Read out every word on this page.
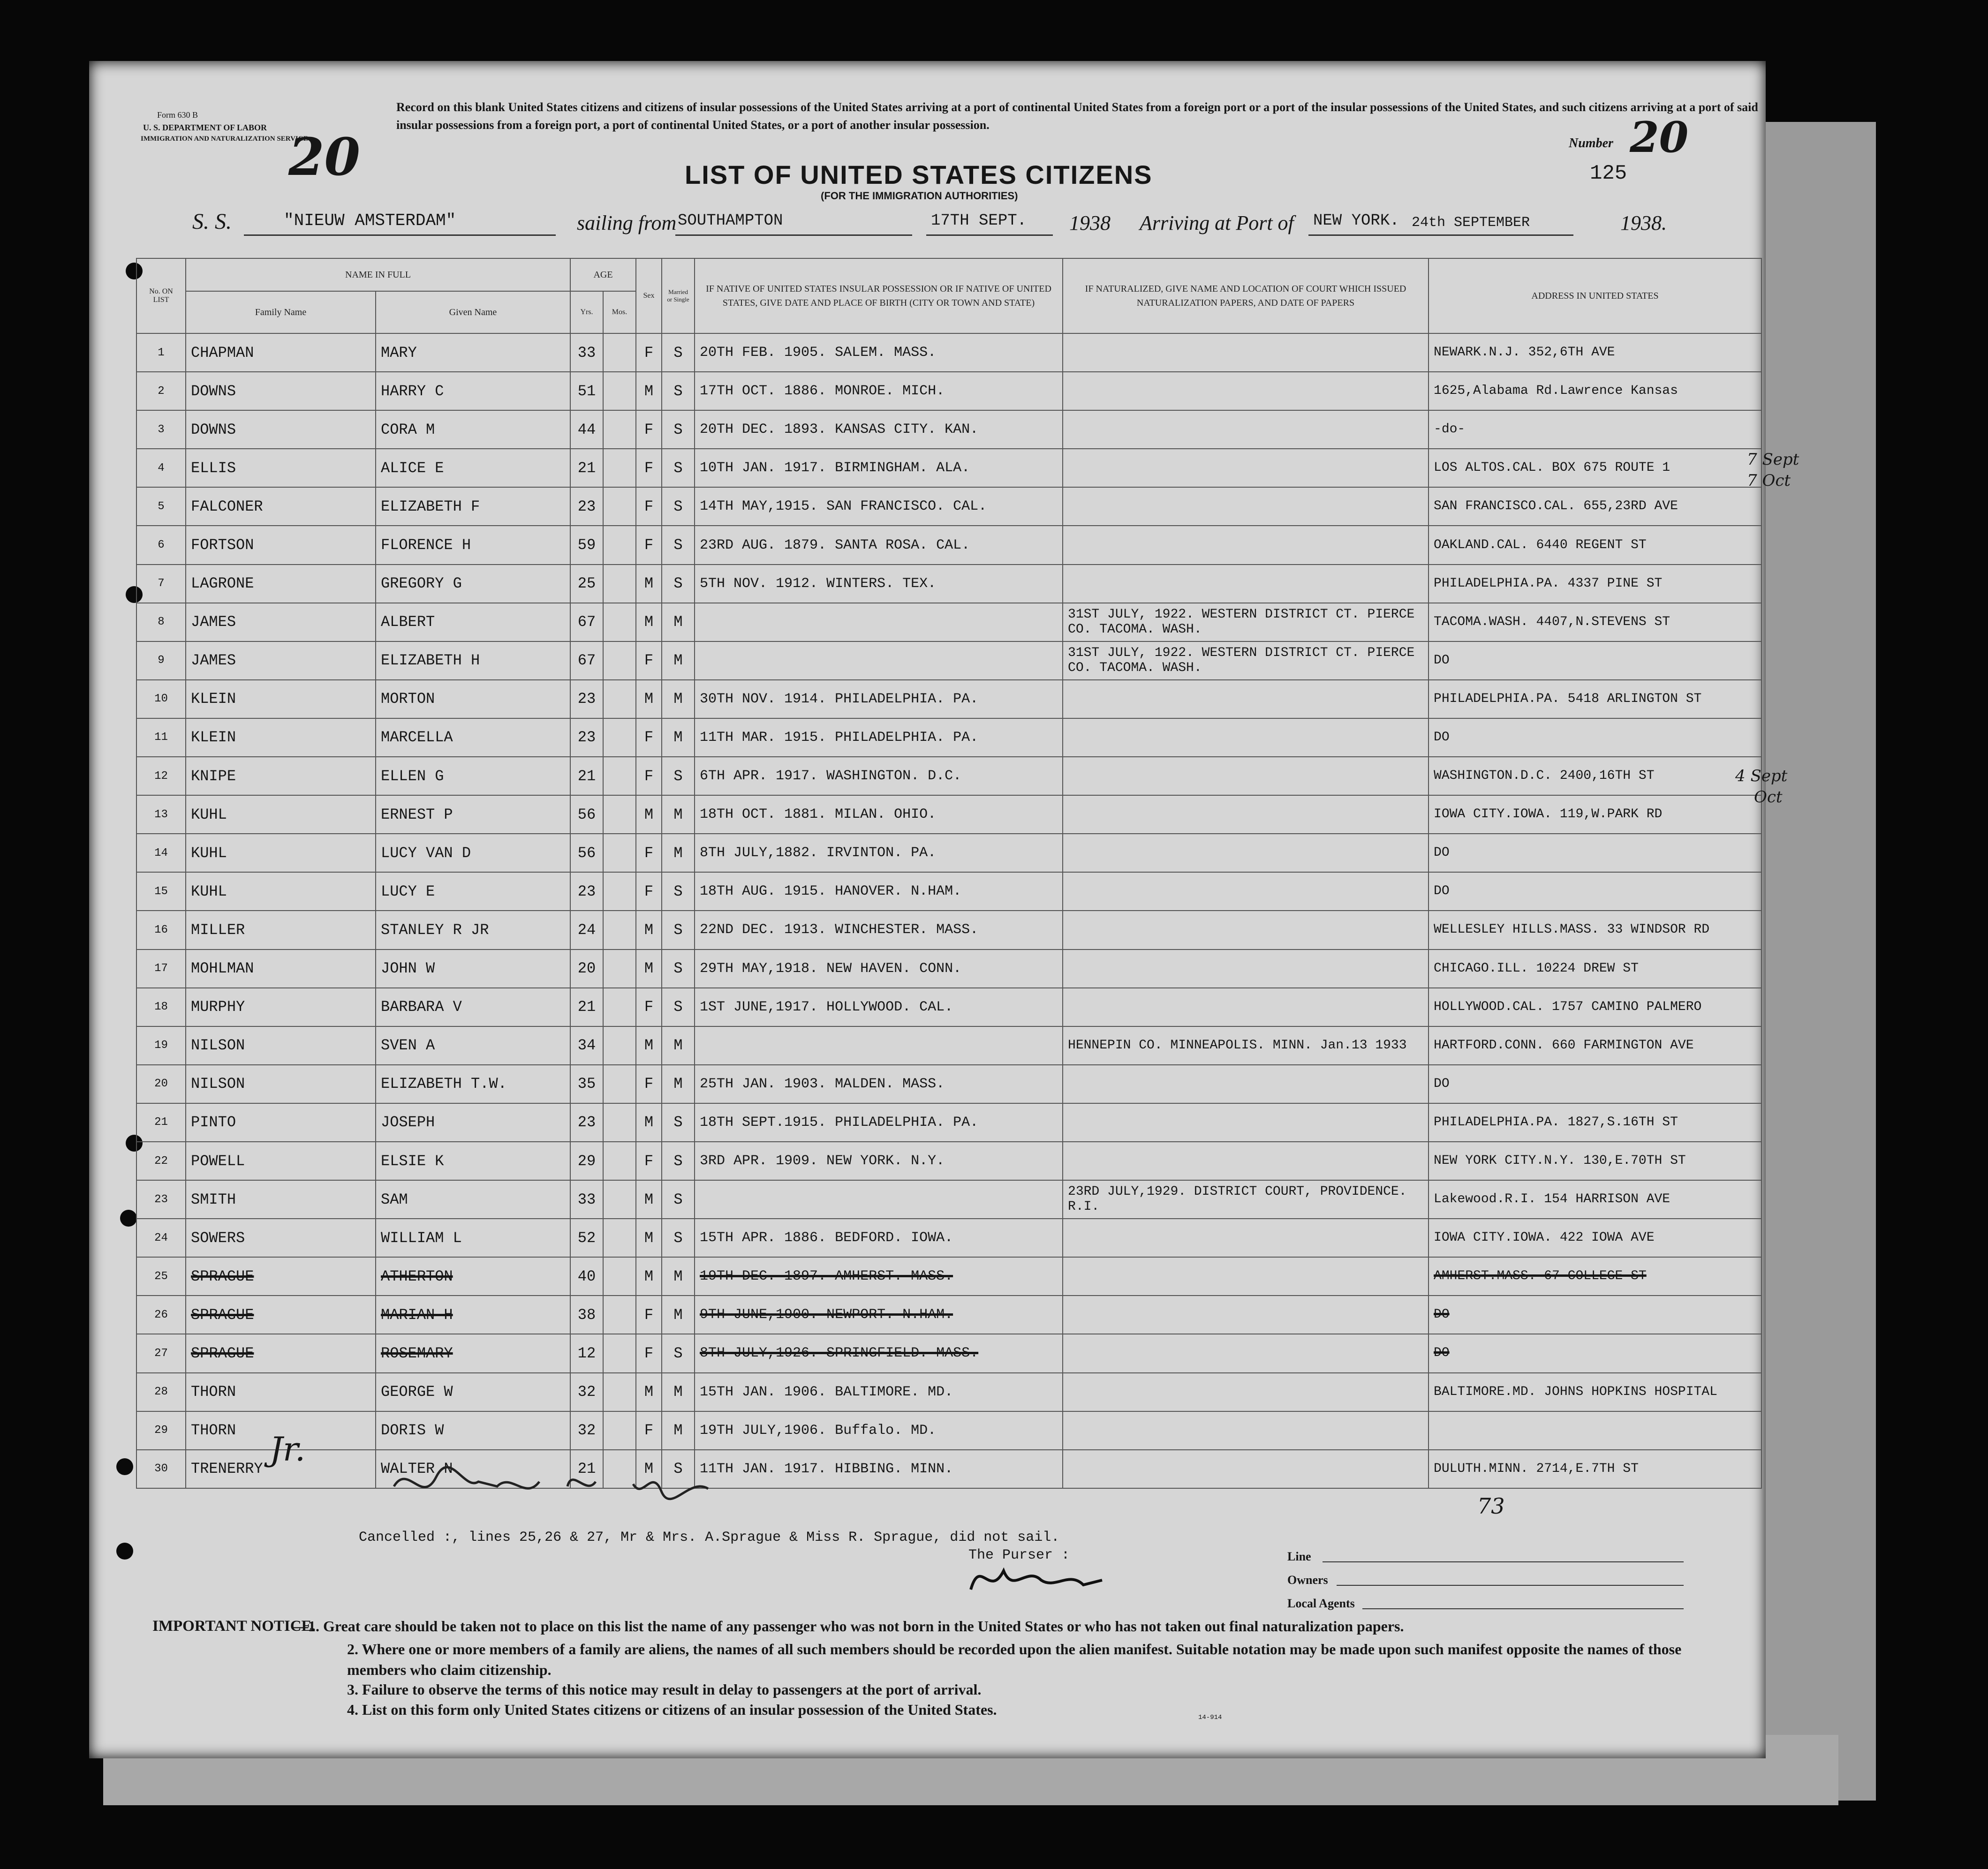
Form 630 B
U. S. DEPARTMENT OF LABOR
IMMIGRATION AND NATURALIZATION SERVICE
20
Record on this blank United States citizens and citizens of insular possessions of the United States arriving at a port of continental United States from a foreign port or a port of the insular possessions of the United States, and such citizens arriving at a port of said insular possessions from a foreign port, a port of continental United States, or a port of another insular possession.
Number 20
125
LIST OF UNITED STATES CITIZENS
(FOR THE IMMIGRATION AUTHORITIES)
S. S.	"NIEUW AMSTERDAM"	sailing from SOUTHAMPTON	17TH SEPT. 1938 Arriving at Port of NEW YORK. 24th SEPTEMBER	1938.
No. ON LIST	NAME IN FULL		AGE		Sex	Married or Single	IF NATIVE OF UNITED STATES INSULAR POSSESSION OR IF NATIVE OF UNITED STATES, GIVE DATE AND PLACE OF BIRTH (CITY OR TOWN AND STATE)	IF NATURALIZED, GIVE NAME AND LOCATION OF COURT WHICH ISSUED NATURALIZATION PAPERS, AND DATE OF PAPERS	ADDRESS IN UNITED STATES
	Family Name	Given Name	Yrs.	Mos.					
1	CHAPMAN	MARY	33		F	S	20TH FEB. 1905. SALEM. MASS.		NEWARK.N.J. 352,6TH AVE
2	DOWNS	HARRY C	51		M	S	17TH OCT. 1886. MONROE. MICH.		1625,Alabama Rd.Lawrence Kansas
3	DOWNS	CORA M	44		F	S	20TH DEC. 1893. KANSAS CITY. KAN.		-do-
4	ELLIS	ALICE E	21		F	S	10TH JAN. 1917. BIRMINGHAM. ALA.		LOS ALTOS.CAL. BOX 675 ROUTE 1
5	FALCONER	ELIZABETH F	23		F	S	14TH MAY,1915. SAN FRANCISCO. CAL.		SAN FRANCISCO.CAL. 655,23RD AVE
6	FORTSON	FLORENCE H	59		F	S	23RD AUG. 1879. SANTA ROSA. CAL.		OAKLAND.CAL. 6440 REGENT ST
7	LAGRONE	GREGORY G	25		M	S	5TH NOV. 1912. WINTERS. TEX.		PHILADELPHIA.PA. 4337 PINE ST
8	JAMES	ALBERT	67		M	M		31ST JULY, 1922. WESTERN DISTRICT CT. PIERCE CO. TACOMA. WASH.	TACOMA.WASH. 4407,N.STEVENS ST
9	JAMES	ELIZABETH H	67		F	M		31ST JULY, 1922. WESTERN DISTRICT CT. PIERCE CO. TACOMA. WASH.	DO
10	KLEIN	MORTON	23		M	M	30TH NOV. 1914. PHILADELPHIA. PA.		PHILADELPHIA.PA. 5418 ARLINGTON ST
11	KLEIN	MARCELLA	23		F	M	11TH MAR. 1915. PHILADELPHIA. PA.		DO
12	KNIPE	ELLEN G	21		F	S	6TH APR. 1917. WASHINGTON. D.C.		WASHINGTON.D.C. 2400,16TH ST
13	KUHL	ERNEST P	56		M	M	18TH OCT. 1881. MILAN. OHIO.		IOWA CITY.IOWA. 119,W.PARK RD
14	KUHL	LUCY VAN D	56		F	M	8TH JULY,1882. IRVINTON. PA.		DO
15	KUHL	LUCY E	23		F	S	18TH AUG. 1915. HANOVER. N.HAM.		DO
16	MILLER	STANLEY R JR	24		M	S	22ND DEC. 1913. WINCHESTER. MASS.		WELLESLEY HILLS.MASS. 33 WINDSOR RD
17	MOHLMAN	JOHN W	20		M	S	29TH MAY,1918. NEW HAVEN. CONN.		CHICAGO.ILL. 10224 DREW ST
18	MURPHY	BARBARA V	21		F	S	1ST JUNE,1917. HOLLYWOOD. CAL.		HOLLYWOOD.CAL. 1757 CAMINO PALMERO
19	NILSON	SVEN A	34		M	M		HENNEPIN CO. MINNEAPOLIS. MINN. Jan.13 1933	HARTFORD.CONN. 660 FARMINGTON AVE
20	NILSON	ELIZABETH T.W.	35		F	M	25TH JAN. 1903. MALDEN. MASS.		DO
21	PINTO	JOSEPH	23		M	S	18TH SEPT.1915. PHILADELPHIA. PA.		PHILADELPHIA.PA. 1827,S.16TH ST
22	POWELL	ELSIE K	29		F	S	3RD APR. 1909. NEW YORK. N.Y.		NEW YORK CITY.N.Y. 130,E.70TH ST
23	SMITH	SAM	33		M	S		23RD JULY,1929. DISTRICT COURT, PROVIDENCE. R.I.	Lakewood.R.I. 154 HARRISON AVE
24	SOWERS	WILLIAM L	52		M	S	15TH APR. 1886. BEDFORD. IOWA.		IOWA CITY.IOWA. 422 IOWA AVE
25	SPRAGUE	ATHERTON	40		M	M	19TH DEC. 1897. AMHERST. MASS.		AMHERST.MASS. 67 COLLEGE ST
26	SPRAGUE	MARIAN H	38		F	M	9TH JUNE,1900. NEWPORT. N.HAM.		DO
27	SPRAGUE	ROSEMARY	12		F	S	8TH JULY,1926. SPRINGFIELD. MASS.		DO
28	THORN	GEORGE W	32		M	M	15TH JAN. 1906. BALTIMORE. MD.		BALTIMORE.MD. JOHNS HOPKINS HOSPITAL
29	THORN	DORIS W	32		F	M	19TH JULY,1906. Buffalo. MD.		
30	TRENERRY	WALTER N	21		M	S	11TH JAN. 1917. HIBBING. MINN.		DULUTH.MINN. 2714,E.7TH ST
Jr.
73
7 Sept
7 Oct
4 Sept
Oct
Cancelled :, lines 25,26 & 27, Mr & Mrs. A.Sprague & Miss R. Sprague, did not sail.
The Purser :	Line
Owners
Local Agents
IMPORTANT NOTICE.
—1. Great care should be taken not to place on this list the name of any passenger who was not born in the United States or who has not taken out final naturalization papers.
2. Where one or more members of a family are aliens, the names of all such members should be recorded upon the alien manifest. Suitable notation may be made upon such manifest opposite the names of those members who claim citizenship.
3. Failure to observe the terms of this notice may result in delay to passengers at the port of arrival.
4. List on this form only United States citizens or citizens of an insular possession of the United States.	14-914
